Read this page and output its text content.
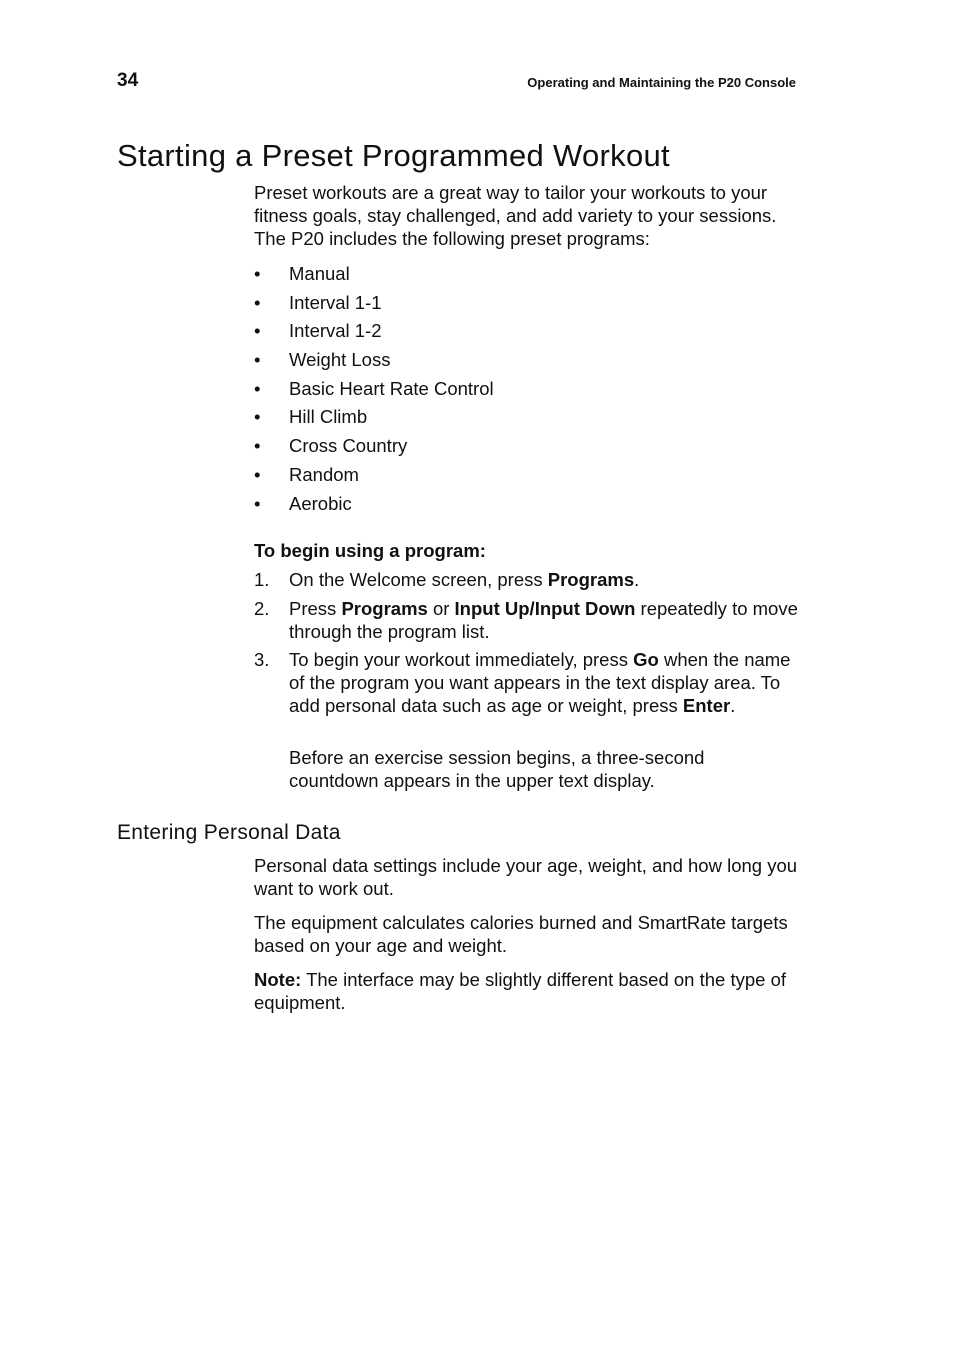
34	Operating and Maintaining the P20 Console
Starting a Preset Programmed Workout

Preset workouts are a great way to tailor your workouts to your fitness goals, stay challenged, and add variety to your sessions. The P20 includes the following preset programs:

• Manual
• Interval 1-1
• Interval 1-2
• Weight Loss
• Basic Heart Rate Control
• Hill Climb
• Cross Country
• Random
• Aerobic
To begin using a program:
1. On the Welcome screen, press Programs.
2. Press Programs or Input Up/Input Down repeatedly to move through the program list.
3. To begin your workout immediately, press Go when the name of the program you want appears in the text display area. To add personal data such as age or weight, press Enter.

Before an exercise session begins, a three-second countdown appears in the upper text display.

Entering Personal Data

Personal data settings include your age, weight, and how long you want to work out.

The equipment calculates calories burned and SmartRate targets based on your age and weight.

Note: The interface may be slightly different based on the type of equipment.
